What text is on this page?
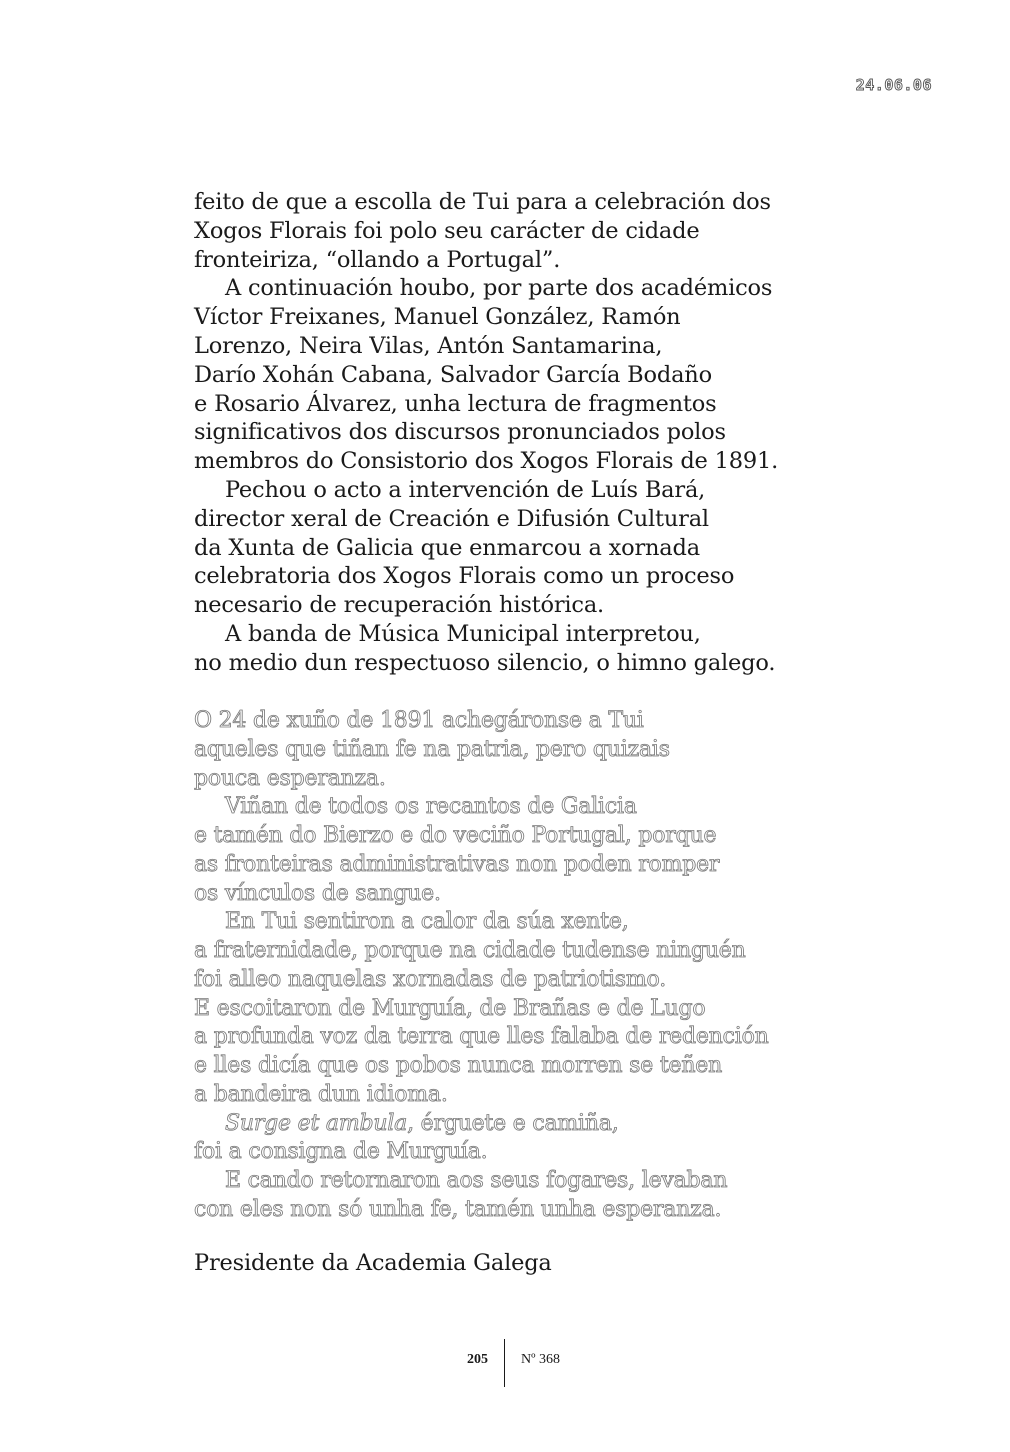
24.06.06

feito de que a escolla de Tui para a celebración dos
Xogos Florais foi polo seu carácter de cidade
fronteiriza, “ollando a Portugal”.

A continuación houbo, por parte dos académicos
Víctor Freixanes, Manuel González, Ramón
Lorenzo, Neira Vilas, Antón Santamarina,
Darío Xohán Cabana, Salvador García Bodaño
e Rosario Álvarez, unha lectura de fragmentos
significativos dos discursos pronunciados polos
membros do Consistorio dos Xogos Florais de 1891.

Pechou o acto a intervención de Luís Bará,
director xeral de Creación e Difusión Cultural
da Xunta de Galicia que enmarcou a xornada
celebratoria dos Xogos Florais como un proceso
necesario de recuperación histórica.

A banda de Música Municipal interpretou,
no medio dun respectuoso silencio, o himno galego.

O 24 de xuño de 1891 achegáronse a Tui
aqueles que tiñan fe na patria, pero quizais
pouca esperanza.
Viñan de todos os recantos de Galicia
e tamén do Bierzo e do veciño Portugal, porque
as fronteiras administrativas non poden romper
os vínculos de sangue.
En Tui sentiron a calor da súa xente,
a fraternidade, porque na cidade tudense ninguén
foi alleo naquelas xornadas de patriotismo.
E escoitaron de Murguía, de Brañas e de Lugo
a profunda voz da terra que lles falaba de redención
e lles dicía que os pobos nunca morren se teñen
a bandeira dun idioma.
Surge et ambula, érguete e camiña,
foi a consigna de Murguía.
E cando retornaron aos seus fogares, levaban
con eles non só unha fe, tamén unha esperanza.
Presidente da Academia Galega
205 Nº 368
